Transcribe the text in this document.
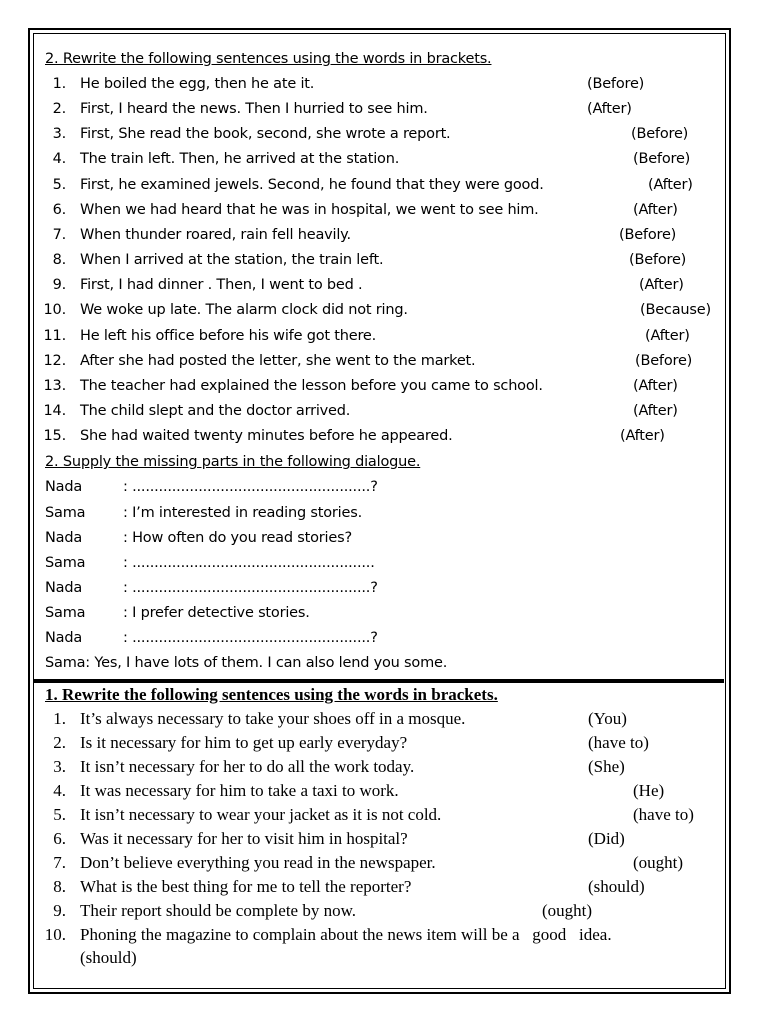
2. Rewrite the following sentences using the words in brackets.
1. He boiled the egg, then he ate it.	(Before)
2. First, I heard the news. Then I hurried to see him.	(After)
3. First, She read the book, second, she wrote a report.	(Before)
4. The train left. Then, he arrived at the station.	(Before)
5. First, he examined jewels. Second, he found that they were good.	(After)
6. When we had heard that he was in hospital, we went to see him.	(After)
7. When thunder roared, rain fell heavily.	(Before)
8. When I arrived at the station, the train left.	(Before)
9. First, I had dinner . Then, I went to bed .	(After)
10. We woke up late. The alarm clock did not ring.	(Because)
11. He left his office before his wife got there.	(After)
12. After she had posted the letter, she went to the market.	(Before)
13. The teacher had explained the lesson before you came to school.	(After)
14. The child slept and the doctor arrived.	(After)
15. She had waited twenty minutes before he appeared.	(After)
2. Supply the missing parts in the following dialogue.
Nada	: ......................................................?
Sama	: I’m interested in reading stories.
Nada	: How often do you read stories?
Sama	: .......................................................
Nada	: ......................................................?
Sama	: I prefer detective stories.
Nada	: ......................................................?
Sama: Yes, I have lots of them. I can also lend you some.
1. Rewrite the following sentences using the words in brackets.
1. It’s always necessary to take your shoes off in a mosque.	(You)
2. Is it necessary for him to get up early everyday?	(have to)
3. It isn’t necessary for her to do all the work today.	(She)
4. It was necessary for him to take a taxi to work.	(He)
5. It isn’t necessary to wear your jacket as it is not cold.	(have to)
6. Was it necessary for her to visit him in hospital?	(Did)
7. Don’t believe everything you read in the newspaper.	(ought)
8. What is the best thing for me to tell the reporter?	(should)
9. Their report should be complete by now.	(ought)
10. Phoning the magazine to complain about the news item will be a   good   idea.
(should)
